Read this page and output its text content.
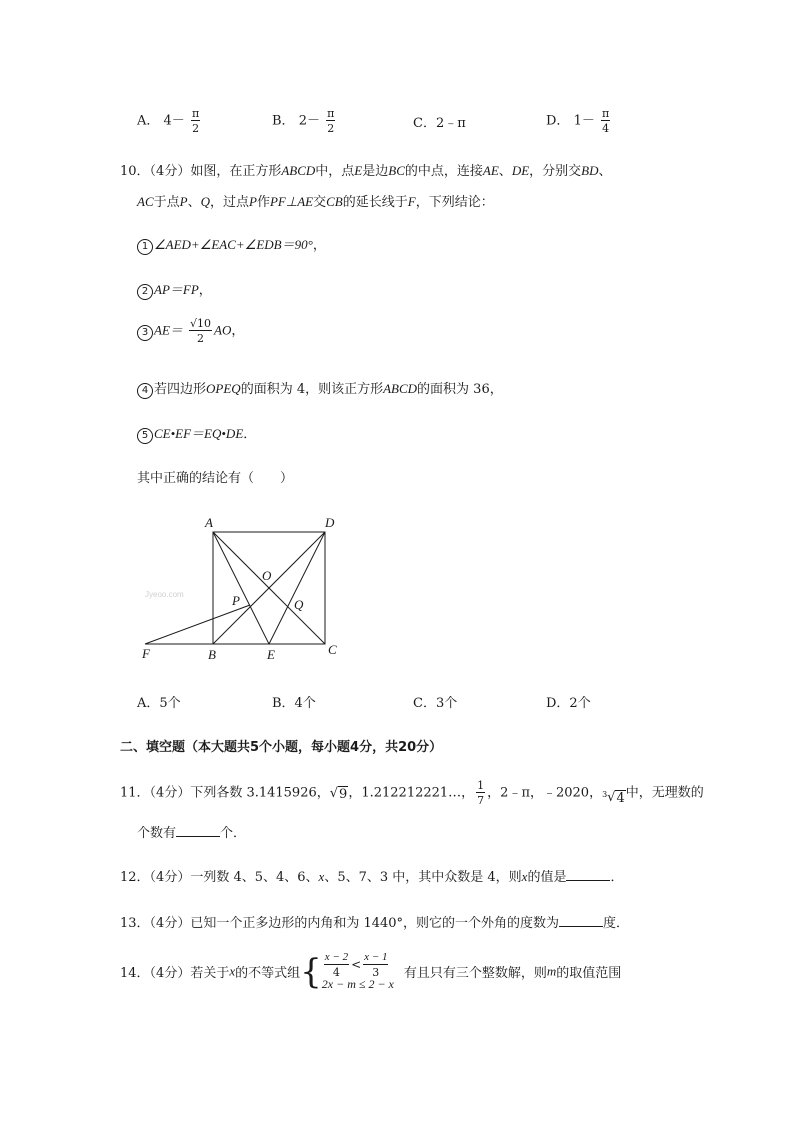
A． $4- \frac{\pi}{2}$	B． $2- \frac{\pi}{2}$	C．2﹣π	D． $1- \frac{\pi}{4}$
10．（4分）如图，在正方形ABCD中，点E是边BC的中点，连接AE、DE，分别交BD、
AC于点P、Q，过点P作PF⊥AE交CB的延长线于F，下列结论：
1 ∠AED+∠EAC+∠EDB＝90°，
2 AP＝FP，
3 $AE= \frac{√10}{2}$ AO，
4 若四边形OPEQ的面积为 4，则该正方形ABCD的面积为 36，
5 CE•EF＝EQ•DE．
其中正确的结论有（　　）
Jyeoo.com
A	D
O
P	Q
F	B	E	C
A．5个	B．4个	C．3个	D．2个
二、填空题（本大题共5个小题，每小题4分，共20分）
11．（4分）下列各数 3.1415926，√ 9 ，1.212212221…， $\frac{1}{7}$ ，2﹣π，﹣2020， 3 √ 4 中，无理数的
个数有	个．
12．（4分）一列数 4、5、4、6、x、5、7、3 中，其中众数是 4，则x的值是	．
13．（4分）已知一个正多边形的内角和为 1440°，则它的一个外角的度数为	度．
14．（4分）若关于x的不等式组{ $\frac{x - 2}{4} < \frac{x - 1}{3}$
2x − m ≤ 2 − x
有且只有三个整数解，则m的取值范围
